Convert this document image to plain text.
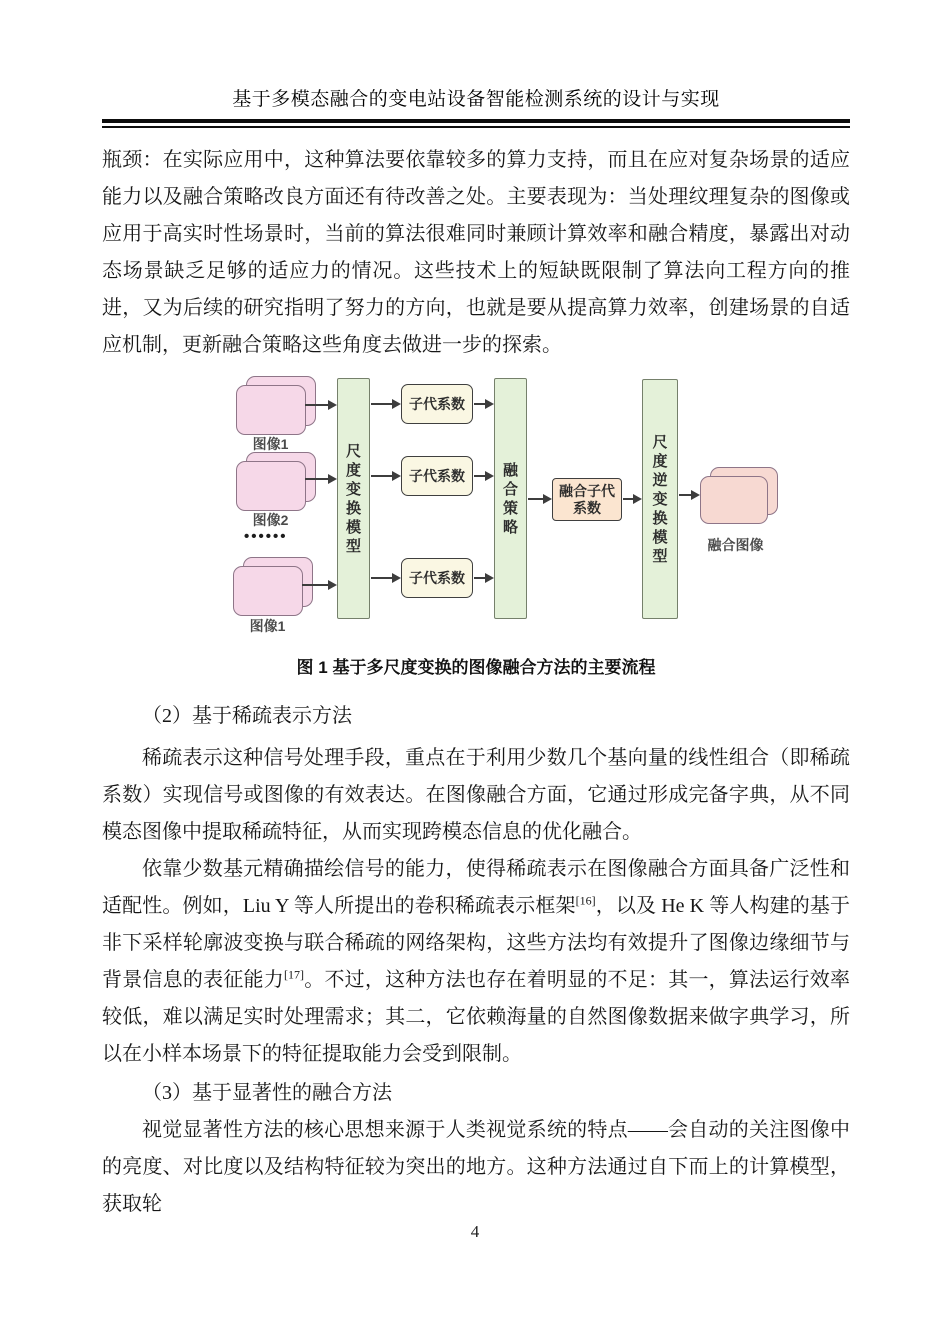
基于多模态融合的变电站设备智能检测系统的设计与实现

瓶颈：在实际应用中，这种算法要依靠较多的算力支持，而且在应对复杂场景的适应能力以及融合策略改良方面还有待改善之处。主要表现为：当处理纹理复杂的图像或应用于高实时性场景时，当前的算法很难同时兼顾计算效率和融合精度，暴露出对动态场景缺乏足够的适应力的情况。这些技术上的短缺既限制了算法向工程方向的推进，又为后续的研究指明了努力的方向，也就是要从提高算力效率，创建场景的自适应机制，更新融合策略这些角度去做进一步的探索。

图像1
图像2
••••••
图像1
尺度变换模型
子代系数
子代系数
子代系数
融合策略
融合子代系数
尺度逆变换模型
融合图像
图 1 基于多尺度变换的图像融合方法的主要流程

（2）基于稀疏表示方法

稀疏表示这种信号处理手段，重点在于利用少数几个基向量的线性组合（即稀疏系数）实现信号或图像的有效表达。在图像融合方面，它通过形成完备字典，从不同模态图像中提取稀疏特征，从而实现跨模态信息的优化融合。

依靠少数基元精确描绘信号的能力，使得稀疏表示在图像融合方面具备广泛性和适配性。例如，Liu Y 等人所提出的卷积稀疏表示框架[16]，以及 He K 等人构建的基于非下采样轮廓波变换与联合稀疏的网络架构，这些方法均有效提升了图像边缘细节与背景信息的表征能力[17]。不过，这种方法也存在着明显的不足：其一，算法运行效率较低，难以满足实时处理需求；其二，它依赖海量的自然图像数据来做字典学习，所以在小样本场景下的特征提取能力会受到限制。

（3）基于显著性的融合方法

视觉显著性方法的核心思想来源于人类视觉系统的特点——会自动的关注图像中的亮度、对比度以及结构特征较为突出的地方。这种方法通过自下而上的计算模型，获取轮

4
